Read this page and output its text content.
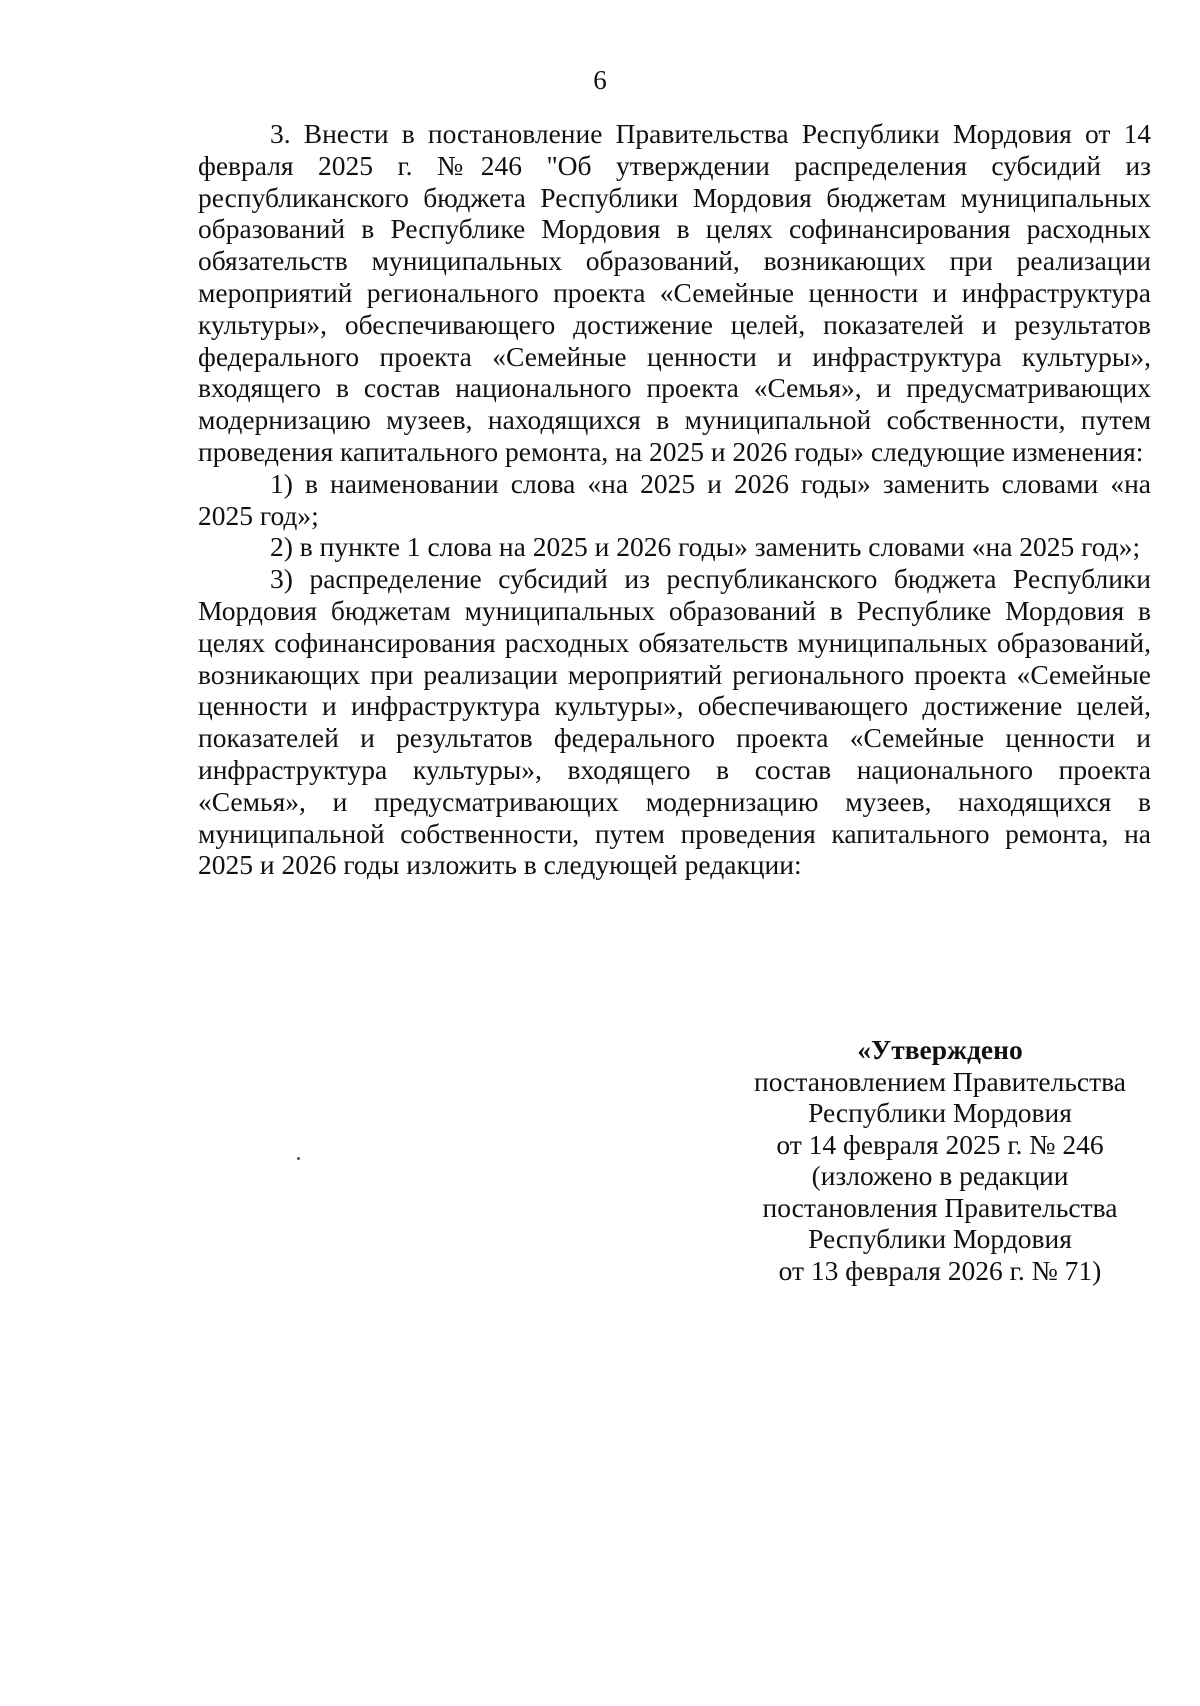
6

3. Внести в постановление Правительства Республики Мордовия от 14 февраля 2025 г. №246 "Об утверждении распределения субсидий из республиканского бюджета Республики Мордовия бюджетам муниципальных образований в Республике Мордовия в целях софинансирования расходных обязательств муниципальных образований, возникающих при реализации мероприятий регионального проекта «Семейные ценности и инфраструктура культуры», обеспечивающего достижение целей, показателей и результатов федерального проекта «Семейные ценности и инфраструктура культуры», входящего в состав национального проекта «Семья», и предусматривающих модернизацию музеев, находящихся в муниципальной собственности, путем проведения капитального ремонта, на 2025 и 2026 годы» следующие изменения:

1) в наименовании слова «на 2025 и 2026 годы» заменить словами «на 2025 год»;

2) в пункте 1 слова на 2025 и 2026 годы» заменить словами «на 2025 год»;

3) распределение субсидий из республиканского бюджета Республики Мордовия бюджетам муниципальных образований в Республике Мордовия в целях софинансирования расходных обязательств муниципальных образований, возникающих при реализации мероприятий регионального проекта «Семейные ценности и инфраструктура культуры», обеспечивающего достижение целей, показателей и результатов федерального проекта «Семейные ценности и инфраструктура культуры», входящего в состав национального проекта «Семья», и предусматривающих модернизацию музеев, находящихся в муниципальной собственности, путем проведения капитального ремонта, на 2025 и 2026 годы изложить в следующей редакции:

«Утверждено
постановлением Правительства
Республики Мордовия
от 14 февраля 2025 г. № 246
(изложено в редакции
постановления Правительства
Республики Мордовия
от 13 февраля 2026 г. № 71)
